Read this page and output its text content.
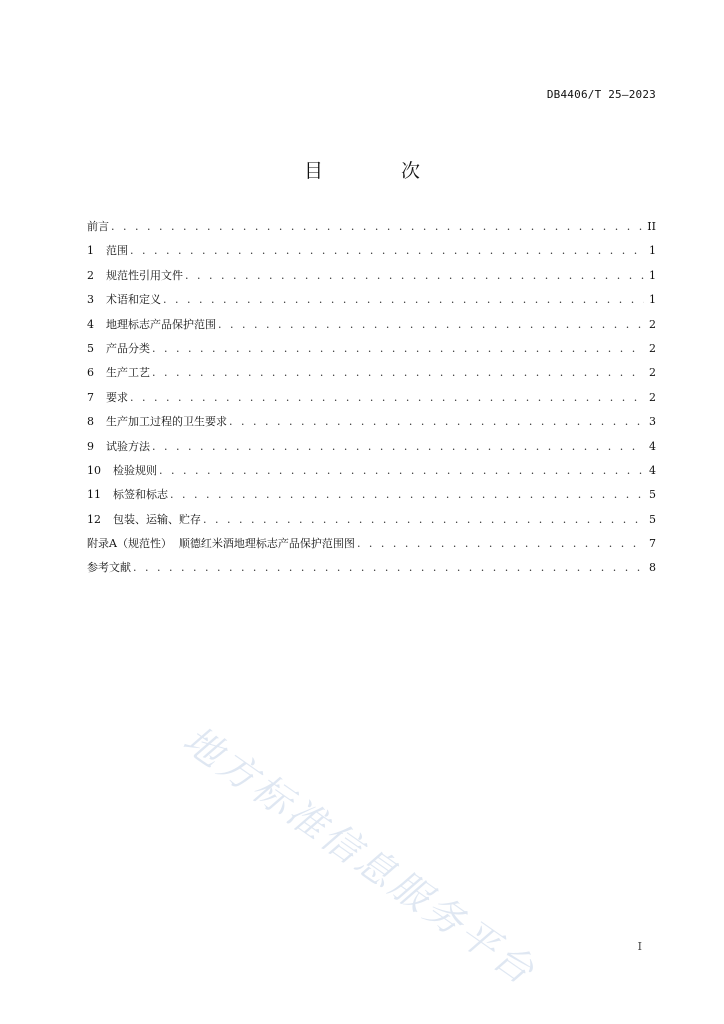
DB4406/T 25—2023
目 次
前言 . . .	II
1	范围 . . .	1
2	规范性引用文件 . . .	1
3	术语和定义 . . .	1
4	地理标志产品保护范围 . . .	2
5	产品分类 . . .	2
6	生产工艺 . . .	2
7	要求 . . .	2
8	生产加工过程的卫生要求 . . .	3
9	试验方法 . . .	4
10	检验规则 . . .	4
11	标签和标志 . . .	5
12	包装、运输、贮存 . . .	5
附录A（规范性）  顺德红米酒地理标志产品保护范围图 . . .	7
参考文献 . . .	8
地方标准信息服务平台	I
